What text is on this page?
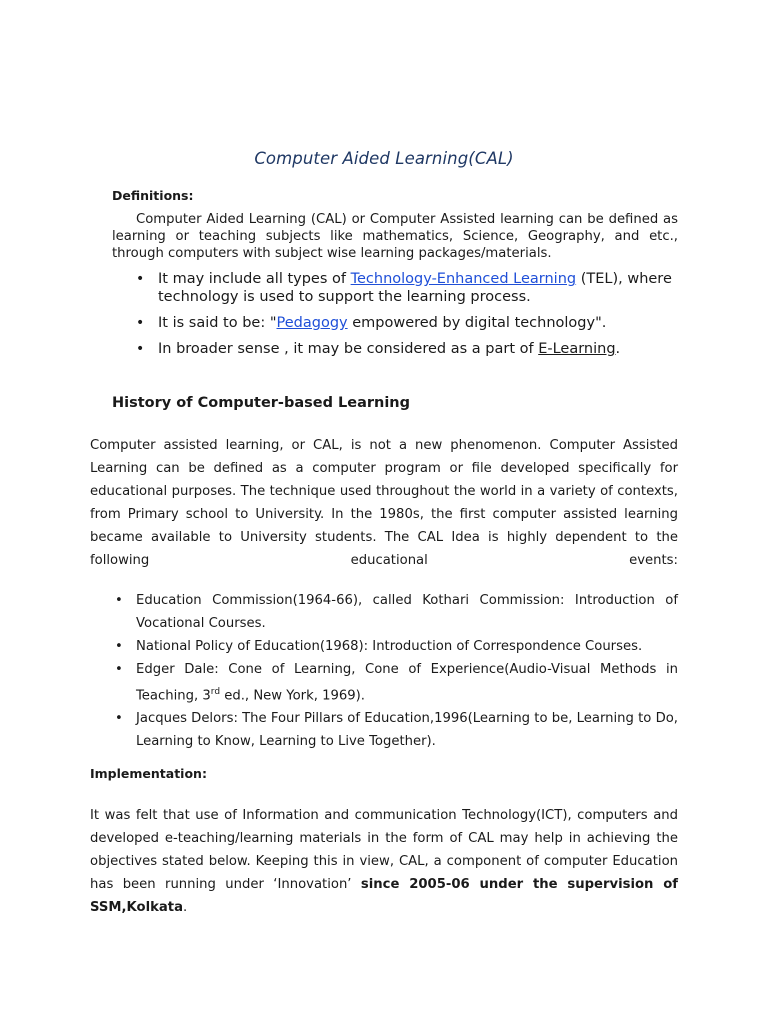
Computer Aided Learning(CAL)
Definitions:

Computer Aided Learning (CAL) or Computer Assisted learning can be defined as learning or teaching subjects like mathematics, Science, Geography, and etc., through computers with subject wise learning packages/materials.

• It may include all types of Technology-Enhanced Learning (TEL), where technology is used to support the learning process.
• It is said to be: "Pedagogy empowered by digital technology".
• In broader sense , it may be considered as a part of E-Learning.
History of Computer-based Learning

Computer assisted learning, or CAL, is not a new phenomenon. Computer Assisted Learning can be defined as a computer program or file developed specifically for educational purposes. The technique used throughout the world in a variety of contexts, from Primary school to University. In the 1980s, the first computer assisted learning became available to University students. The CAL Idea is highly dependent to the following educational events:

• Education Commission(1964-66), called Kothari Commission: Introduction of Vocational Courses.
• National Policy of Education(1968): Introduction of Correspondence Courses.
• Edger Dale: Cone of Learning, Cone of Experience(Audio-Visual Methods in Teaching, 3rd ed., New York, 1969).
• Jacques Delors: The Four Pillars of Education,1996(Learning to be, Learning to Do, Learning to Know, Learning to Live Together).
Implementation:

It was felt that use of Information and communication Technology(ICT), computers and developed e-teaching/learning materials in the form of CAL may help in achieving the objectives stated below. Keeping this in view, CAL, a component of computer Education has been running under ‘Innovation’ since 2005-06 under the supervision of SSM,Kolkata.
